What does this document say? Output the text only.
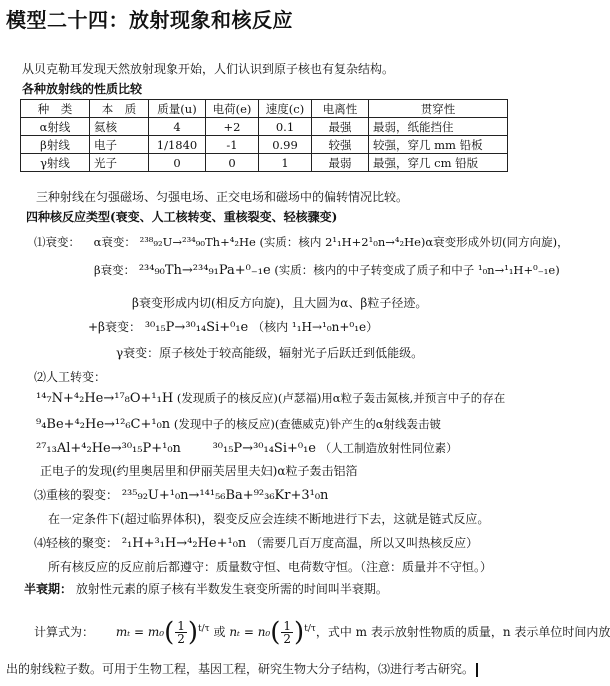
模型二十四：放射现象和核反应
从贝克勒耳发现天然放射现象开始，人们认识到原子核也有复杂结构。
各种放射线的性质比较
种　类	本　质	质量(u)	电荷(e)	速度(c)	电离性	贯穿性
α射线	氦核	4	+2	0.1	最强	最弱，纸能挡住
β射线	电子	1/1840	-1	0.99	较强	较强，穿几 mm 铅板
γ射线	光子	0	0	1	最弱	最强，穿几 cm 铅版
三种射线在匀强磁场、匀强电场、正交电场和磁场中的偏转情况比较。
四种核反应类型(衰变、人工核转变、重核裂变、轻核骤变)
⑴衰变： α衰变： ²³⁸₉₂U→²³⁴₉₀Th+⁴₂He (实质：核内 2¹₁H+2¹₀n→⁴₂He)α衰变形成外切(同方向旋)，
β衰变： ²³⁴₉₀Th→²³⁴₉₁Pa+⁰₋₁e (实质：核内的中子转变成了质子和中子 ¹₀n→¹₁H+⁰₋₁e)
β衰变形成内切(相反方向旋)，且大圆为α、β粒子径迹。
+β衰变： ³⁰₁₅P→³⁰₁₄Si+⁰₁e （核内 ¹₁H→¹₀n+⁰₁e）
γ衰变：原子核处于较高能级，辐射光子后跃迁到低能级。
⑵人工转变：
¹⁴₇N+⁴₂He→¹⁷₈O+¹₁H (发现质子的核反应)(卢瑟福)用α粒子轰击氮核,并预言中子的存在
⁹₄Be+⁴₂He→¹²₆C+¹₀n (发现中子的核反应)(查德威克)钋产生的α射线轰击铍
²⁷₁₃Al+⁴₂He→³⁰₁₅P+¹₀n ³⁰₁₅P→³⁰₁₄Si+⁰₁e （人工制造放射性同位素）
正电子的发现(约里奥居里和伊丽芙居里夫妇)α粒子轰击铝箔
⑶重核的裂变： ²³⁵₉₂U+¹₀n→¹⁴¹₅₆Ba+⁹²₃₆Kr+3¹₀n
在一定条件下(超过临界体积)，裂变反应会连续不断地进行下去，这就是链式反应。
⑷轻核的聚变： ²₁H+³₁H→⁴₂He+¹₀n （需要几百万度高温，所以又叫热核反应）
所有核反应的反应前后都遵守：质量数守恒、电荷数守恒。（注意：质量并不守恒。）
半衰期： 放射性元素的原子核有半数发生衰变所需的时间叫半衰期。
计算式为： $m_t = m_0( \frac{1}{2} )^{t/\tau}$ 或 $n_t = n_0( \frac{1}{2} )^{t/\tau}$，式中 m 表示放射性物质的质量，n 表示单位时间内放
出的射线粒子数。可用于生物工程，基因工程，研究生物大分子结构，⑶进行考古研究。
